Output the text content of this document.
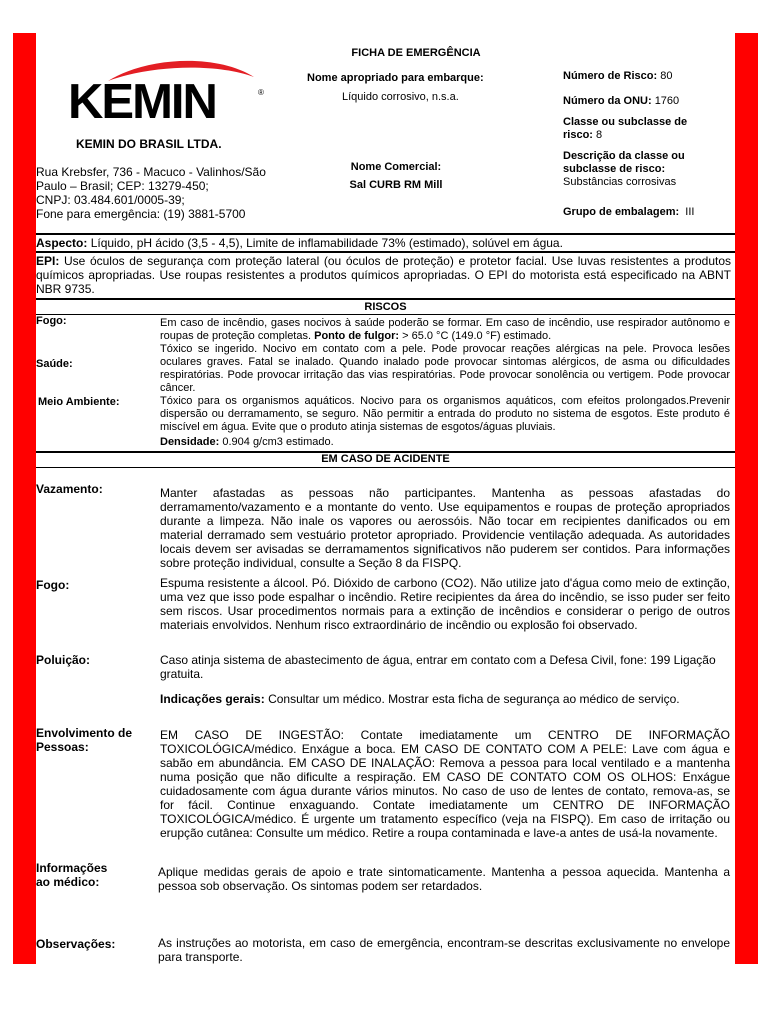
KEMIN	®
KEMIN DO BRASIL LTDA.
Rua Krebsfer, 736 - Macuco - Valinhos/São
Paulo – Brasil; CEP: 13279-450;
CNPJ: 03.484.601/0005-39;
Fone para emergência: (19) 3881-5700
FICHA DE EMERGÊNCIA
Nome apropriado para embarque:
Líquido corrosivo, n.s.a.
Nome Comercial:
Sal CURB RM Mill
Número de Risco: 80
Número da ONU: 1760
Classe ou subclasse de
risco: 8
Descrição da classe ou
subclasse de risco:
Substâncias corrosivas
Grupo de embalagem: III
Aspecto: Líquido, pH ácido (3,5 - 4,5), Limite de inflamabilidade 73% (estimado), solúvel em água.
EPI: Use óculos de segurança com proteção lateral (ou óculos de proteção) e protetor facial. Use luvas resistentes a produtos químicos apropriadas. Use roupas resistentes a produtos químicos apropriadas. O EPI do motorista está especificado na ABNT NBR 9735.
RISCOS
Fogo:	Em caso de incêndio, gases nocivos à saúde poderão se formar. Em caso de incêndio, use respirador autônomo e roupas de proteção completas. Ponto de fulgor: > 65.0 °C (149.0 °F) estimado.
Saúde:
Tóxico se ingerido. Nocivo em contato com a pele. Pode provocar reações alérgicas na pele. Provoca lesões oculares graves. Fatal se inalado. Quando inalado pode provocar sintomas alérgicos, de asma ou dificuldades respiratórias. Pode provocar irritação das vias respiratórias. Pode provocar sonolência ou vertigem. Pode provocar câncer.
Meio Ambiente:	Tóxico para os organismos aquáticos. Nocivo para os organismos aquáticos, com efeitos prolongados.Prevenir dispersão ou derramamento, se seguro. Não permitir a entrada do produto no sistema de esgotos. Este produto é miscível em água. Evite que o produto atinja sistemas de esgotos/águas pluviais.
Densidade: 0.904 g/cm3 estimado.
EM CASO DE ACIDENTE
Vazamento:	Manter afastadas as pessoas não participantes. Mantenha as pessoas afastadas do derramamento/vazamento e a montante do vento. Use equipamentos e roupas de proteção apropriados durante a limpeza. Não inale os vapores ou aerossóis. Não tocar em recipientes danificados ou em material derramado sem vestuário protetor apropriado. Providencie ventilação adequada. As autoridades locais devem ser avisadas se derramamentos significativos não puderem ser contidos. Para informações sobre proteção individual, consulte a Seção 8 da FISPQ.
Fogo:	Espuma resistente a álcool. Pó. Dióxido de carbono (CO2). Não utilize jato d'água como meio de extinção, uma vez que isso pode espalhar o incêndio. Retire recipientes da área do incêndio, se isso puder ser feito sem riscos. Usar procedimentos normais para a extinção de incêndios e considerar o perigo de outros materiais envolvidos. Nenhum risco extraordinário de incêndio ou explosão foi observado.
Poluição:	Caso atinja sistema de abastecimento de água, entrar em contato com a Defesa Civil, fone: 199 Ligação gratuita.
Indicações gerais: Consultar um médico. Mostrar esta ficha de segurança ao médico de serviço.
Envolvimento de
Pessoas:
EM CASO DE INGESTÃO: Contate imediatamente um CENTRO DE INFORMAÇÃO TOXICOLÓGICA/médico. Enxágue a boca. EM CASO DE CONTATO COM A PELE: Lave com água e sabão em abundância. EM CASO DE INALAÇÃO: Remova a pessoa para local ventilado e a mantenha numa posição que não dificulte a respiração. EM CASO DE CONTATO COM OS OLHOS: Enxágue cuidadosamente com água durante vários minutos. No caso de uso de lentes de contato, remova-as, se for fácil. Continue enxaguando. Contate imediatamente um CENTRO DE INFORMAÇÃO TOXICOLÓGICA/médico. É urgente um tratamento específico (veja na FISPQ). Em caso de irritação ou erupção cutânea: Consulte um médico. Retire a roupa contaminada e lave-a antes de usá-la novamente.
Informações
ao médico:
Aplique medidas gerais de apoio e trate sintomaticamente. Mantenha a pessoa aquecida. Mantenha a pessoa sob observação. Os sintomas podem ser retardados.
Observações:	As instruções ao motorista, em caso de emergência, encontram-se descritas exclusivamente no envelope para transporte.
